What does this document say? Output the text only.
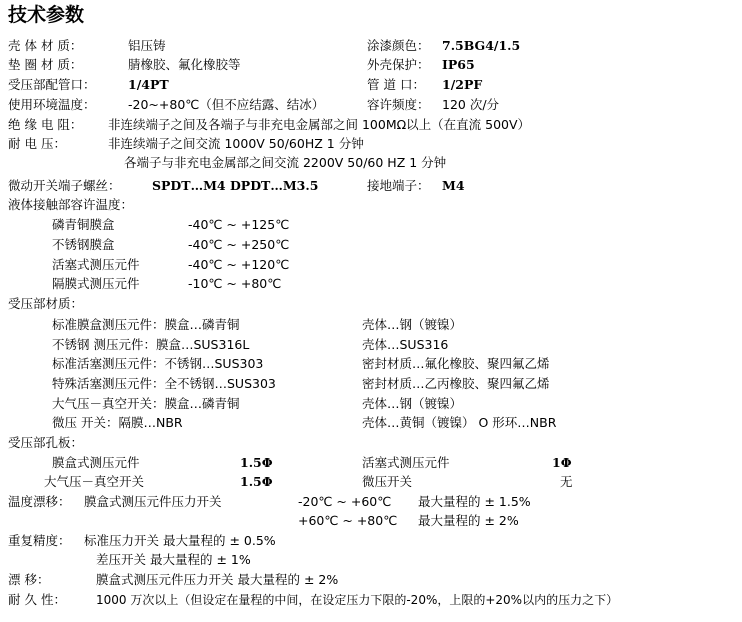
技术参数
壳 体 材 质：	铝压铸	涂漆颜色： 7.5BG4/1.5
垫 圈 材 质：	腈橡胶、氟化橡胶等	外壳保护： IP65
受压部配管口：	1/4PT	管 道 口： 1/2PF
使用环境温度：	-20~+80℃（但不应结露、结冰）	容许频度： 120 次/分
绝 缘 电 阻： 非连续端子之间及各端子与非充电金属部之间 100MΩ以上（在直流 500V）
耐 电 压：	非连续端子之间交流 1000V 50/60HZ 1 分钟
各端子与非充电金属部之间交流 2200V 50/60 HZ 1 分钟
微动开关端子螺丝：	SPDT…M4 DPDT…M3.5	接地端子： M4
液体接触部容许温度：
磷青铜膜盒	-40℃ ~ +125℃
不锈钢膜盒	-40℃ ~ +250℃
活塞式测压元件	-40℃ ~ +120℃
隔膜式测压元件	-10℃ ~ +80℃
受压部材质：
标准膜盒测压元件：膜盒…磷青铜	壳体…钢（镀镍）
不锈钢 测压元件：膜盒…SUS316L	壳体…SUS316
标准活塞测压元件：不锈钢…SUS303	密封材质…氟化橡胶、聚四氟乙烯
特殊活塞测压元件：全不锈钢…SUS303	密封材质…乙丙橡胶、聚四氟乙烯
大气压－真空开关：膜盒…磷青铜	壳体…钢（镀镍）
微压 开关：隔膜…NBR	壳体…黄铜（镀镍） O 形环…NBR
受压部孔板：
膜盒式测压元件	1.5Φ	活塞式测压元件	1Φ
大气压－真空开关	1.5Φ	微压开关	无
温度漂移： 膜盒式测压元件压力开关	-20℃ ~ +60℃ 最大量程的 ± 1.5%
+60℃ ~ +80℃ 最大量程的 ± 2%
重复精度： 标准压力开关 最大量程的 ± 0.5%
差压开关 最大量程的 ± 1%
漂 移：	膜盒式测压元件压力开关 最大量程的 ± 2%
耐 久 性：	1000 万次以上（但设定在量程的中间，在设定压力下限的-20%，上限的+20%以内的压力之下）
